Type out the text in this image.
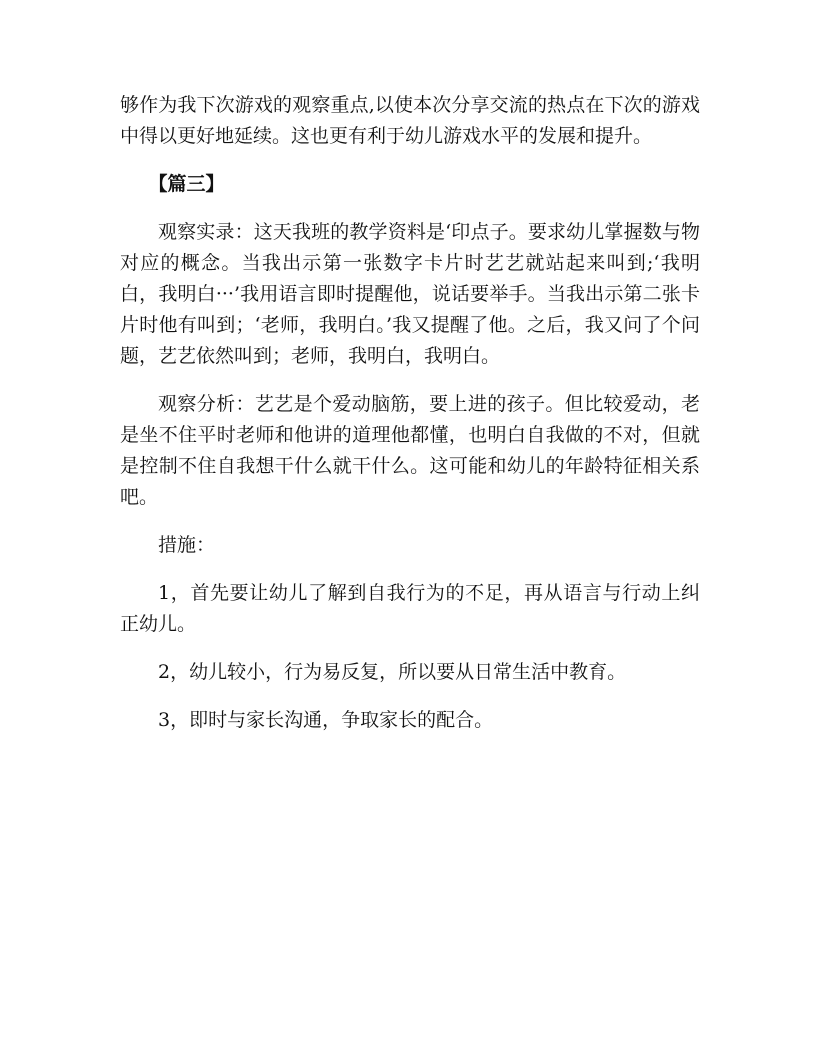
够作为我下次游戏的观察重点,以使本次分享交流的热点在下次的游戏中得以更好地延续。这也更有利于幼儿游戏水平的发展和提升。

【篇三】

观察实录：这天我班的教学资料是‘印点子。要求幼儿掌握数与物对应的概念。当我出示第一张数字卡片时艺艺就站起来叫到;‘我明白，我明白···’我用语言即时提醒他，说话要举手。当我出示第二张卡片时他有叫到；‘老师，我明白。’我又提醒了他。之后，我又问了个问题，艺艺依然叫到；老师，我明白，我明白。

观察分析：艺艺是个爱动脑筋，要上进的孩子。但比较爱动，老是坐不住平时老师和他讲的道理他都懂，也明白自我做的不对，但就是控制不住自我想干什么就干什么。这可能和幼儿的年龄特征相关系吧。

措施：

1，首先要让幼儿了解到自我行为的不足，再从语言与行动上纠正幼儿。

2，幼儿较小，行为易反复，所以要从日常生活中教育。

3，即时与家长沟通，争取家长的配合。
